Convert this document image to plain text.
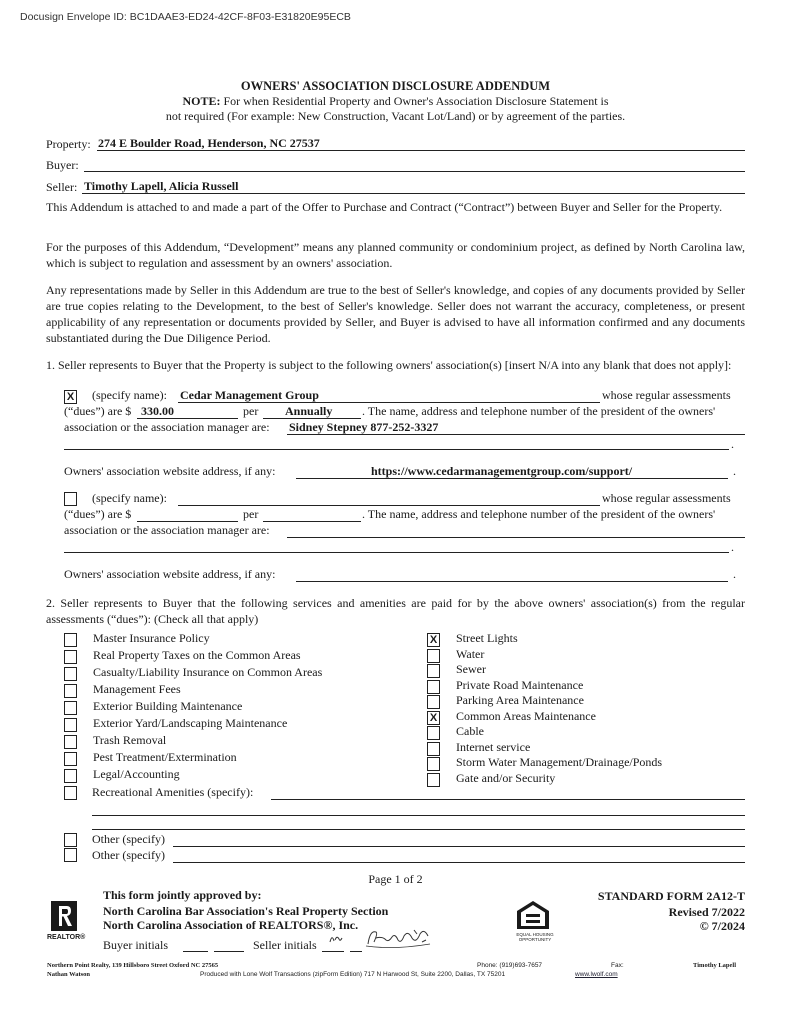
Docusign Envelope ID: BC1DAAE3-ED24-42CF-8F03-E31820E95ECB
OWNERS' ASSOCIATION DISCLOSURE ADDENDUM
NOTE: For when Residential Property and Owner's Association Disclosure Statement is
not required (For example: New Construction, Vacant Lot/Land) or by agreement of the parties.
Property: 274 E Boulder Road, Henderson, NC 27537
Buyer:
Seller: Timothy Lapell, Alicia Russell
This Addendum is attached to and made a part of the Offer to Purchase and Contract (“Contract”) between Buyer and Seller for the Property.
For the purposes of this Addendum, “Development” means any planned community or condominium project, as defined by North Carolina law, which is subject to regulation and assessment by an owners' association.
Any representations made by Seller in this Addendum are true to the best of Seller's knowledge, and copies of any documents provided by Seller are true copies relating to the Development, to the best of Seller's knowledge. Seller does not warrant the accuracy, completeness, or present applicability of any representation or documents provided by Seller, and Buyer is advised to have all information confirmed and any documents substantiated during the Due Diligence Period.
1. Seller represents to Buyer that the Property is subject to the following owners' association(s) [insert N/A into any blank that does not apply]:
X (specify name): Cedar Management Group	whose regular assessments
(“dues”) are $ 330.00	per Annually . The name, address and telephone number of the president of the owners'
association or the association manager are: Sidney Stepney 877-252-3327
.
Owners' association website address, if any:	https://www.cedarmanagementgroup.com/support/	.
(specify name):	whose regular assessments
(“dues”) are $	per	. The name, address and telephone number of the president of the owners'
association or the association manager are:
.
Owners' association website address, if any:	.
2. Seller represents to Buyer that the following services and amenities are paid for by the above owners' association(s) from the regular assessments (“dues”): (Check all that apply)
Master Insurance Policy
Real Property Taxes on the Common Areas
Casualty/Liability Insurance on Common Areas
Management Fees
Exterior Building Maintenance
Exterior Yard/Landscaping Maintenance
Trash Removal
Pest Treatment/Extermination
Legal/Accounting
X Street Lights
Water
Sewer
Private Road Maintenance
Parking Area Maintenance
X Common Areas Maintenance
Cable
Internet service
Storm Water Management/Drainage/Ponds
Gate and/or Security
Recreational Amenities (specify):
Other (specify)
Other (specify)
Page 1 of 2
This form jointly approved by:
North Carolina Bar Association's Real Property Section
North Carolina Association of REALTORS®, Inc.
REALTOR®
Buyer initials	Seller initials
EQUAL HOUSING OPPORTUNITY
STANDARD FORM 2A12-T
Revised 7/2022
© 7/2024
Northern Point Realty, 139 Hillsboro Street Oxford NC 27565
Nathan Watson
Phone: (919)693-7657	Fax:	Timothy Lapell
Produced with Lone Wolf Transactions (zipForm Edition) 717 N Harwood St, Suite 2200, Dallas, TX 75201	www.lwolf.com
